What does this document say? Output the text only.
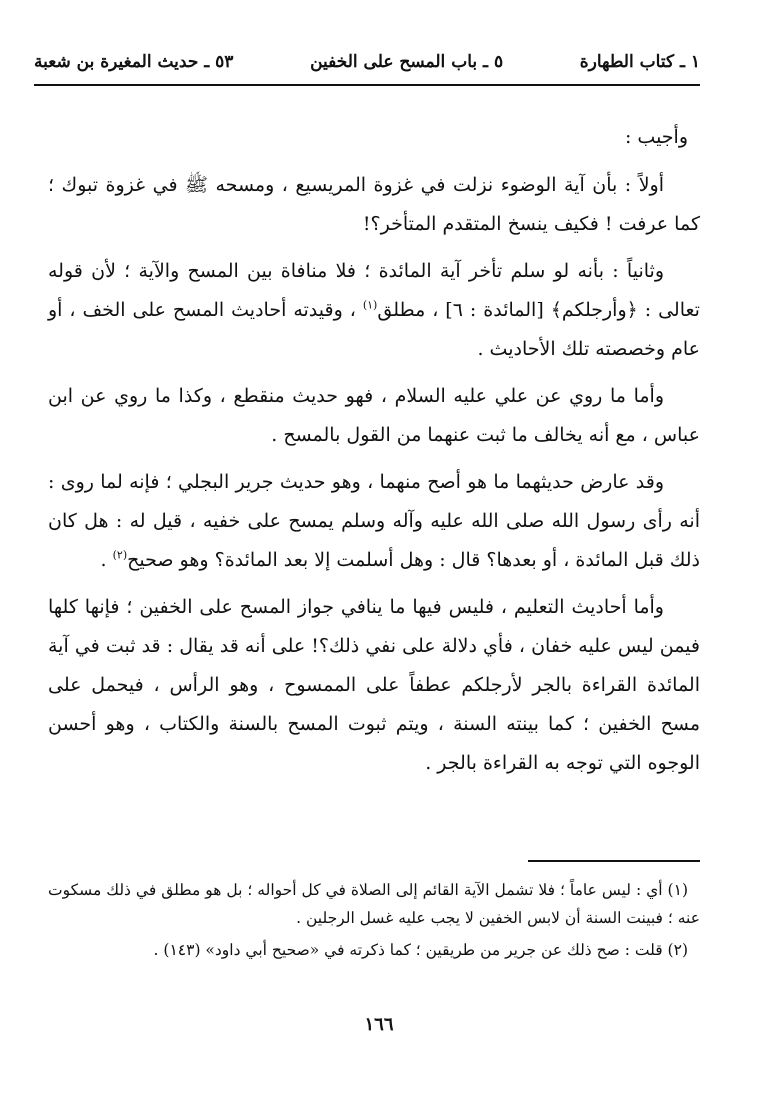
١ ـ كتاب الطهارة
٥ ـ باب المسح على الخفين
٥٣ ـ حديث المغيرة بن شعبة

وأجيب :

أولاً : بأن آية الوضوء نزلت في غزوة المريسيع ، ومسحه ﷺ في غزوة تبوك ؛ كما عرفت ! فكيف ينسخ المتقدم المتأخر؟!

وثانياً : بأنه لو سلم تأخر آية المائدة ؛ فلا منافاة بين المسح والآية ؛ لأن قوله تعالى : ﴿وأرجلكم﴾ [المائدة : ٦] ، مطلق$^{(١)}$ ، وقيدته أحاديث المسح على الخف ، أو عام وخصصته تلك الأحاديث .

وأما ما روي عن علي عليه السلام ، فهو حديث منقطع ، وكذا ما روي عن ابن عباس ، مع أنه يخالف ما ثبت عنهما من القول بالمسح .

وقد عارض حديثهما ما هو أصح منهما ، وهو حديث جرير البجلي ؛ فإنه لما روى : أنه رأى رسول الله صلى الله عليه وآله وسلم يمسح على خفيه ، قيل له : هل كان ذلك قبل المائدة ، أو بعدها؟ قال : وهل أسلمت إلا بعد المائدة؟ وهو صحيح$^{(٢)}$ .

وأما أحاديث التعليم ، فليس فيها ما ينافي جواز المسح على الخفين ؛ فإنها كلها فيمن ليس عليه خفان ، فأي دلالة على نفي ذلك؟! على أنه قد يقال : قد ثبت في آية المائدة القراءة بالجر لأرجلكم عطفاً على الممسوح ، وهو الرأس ، فيحمل على مسح الخفين ؛ كما بينته السنة ، ويتم ثبوت المسح بالسنة والكتاب ، وهو أحسن الوجوه التي توجه به القراءة بالجر .

(١) أي : ليس عاماً ؛ فلا تشمل الآية القائم إلى الصلاة في كل أحواله ؛ بل هو مطلق في ذلك مسكوت عنه ؛ فبينت السنة أن لابس الخفين لا يجب عليه غسل الرجلين .

(٢) قلت : صح ذلك عن جرير من طريقين ؛ كما ذكرته في «صحيح أبي داود» (١٤٣) .

١٦٦
